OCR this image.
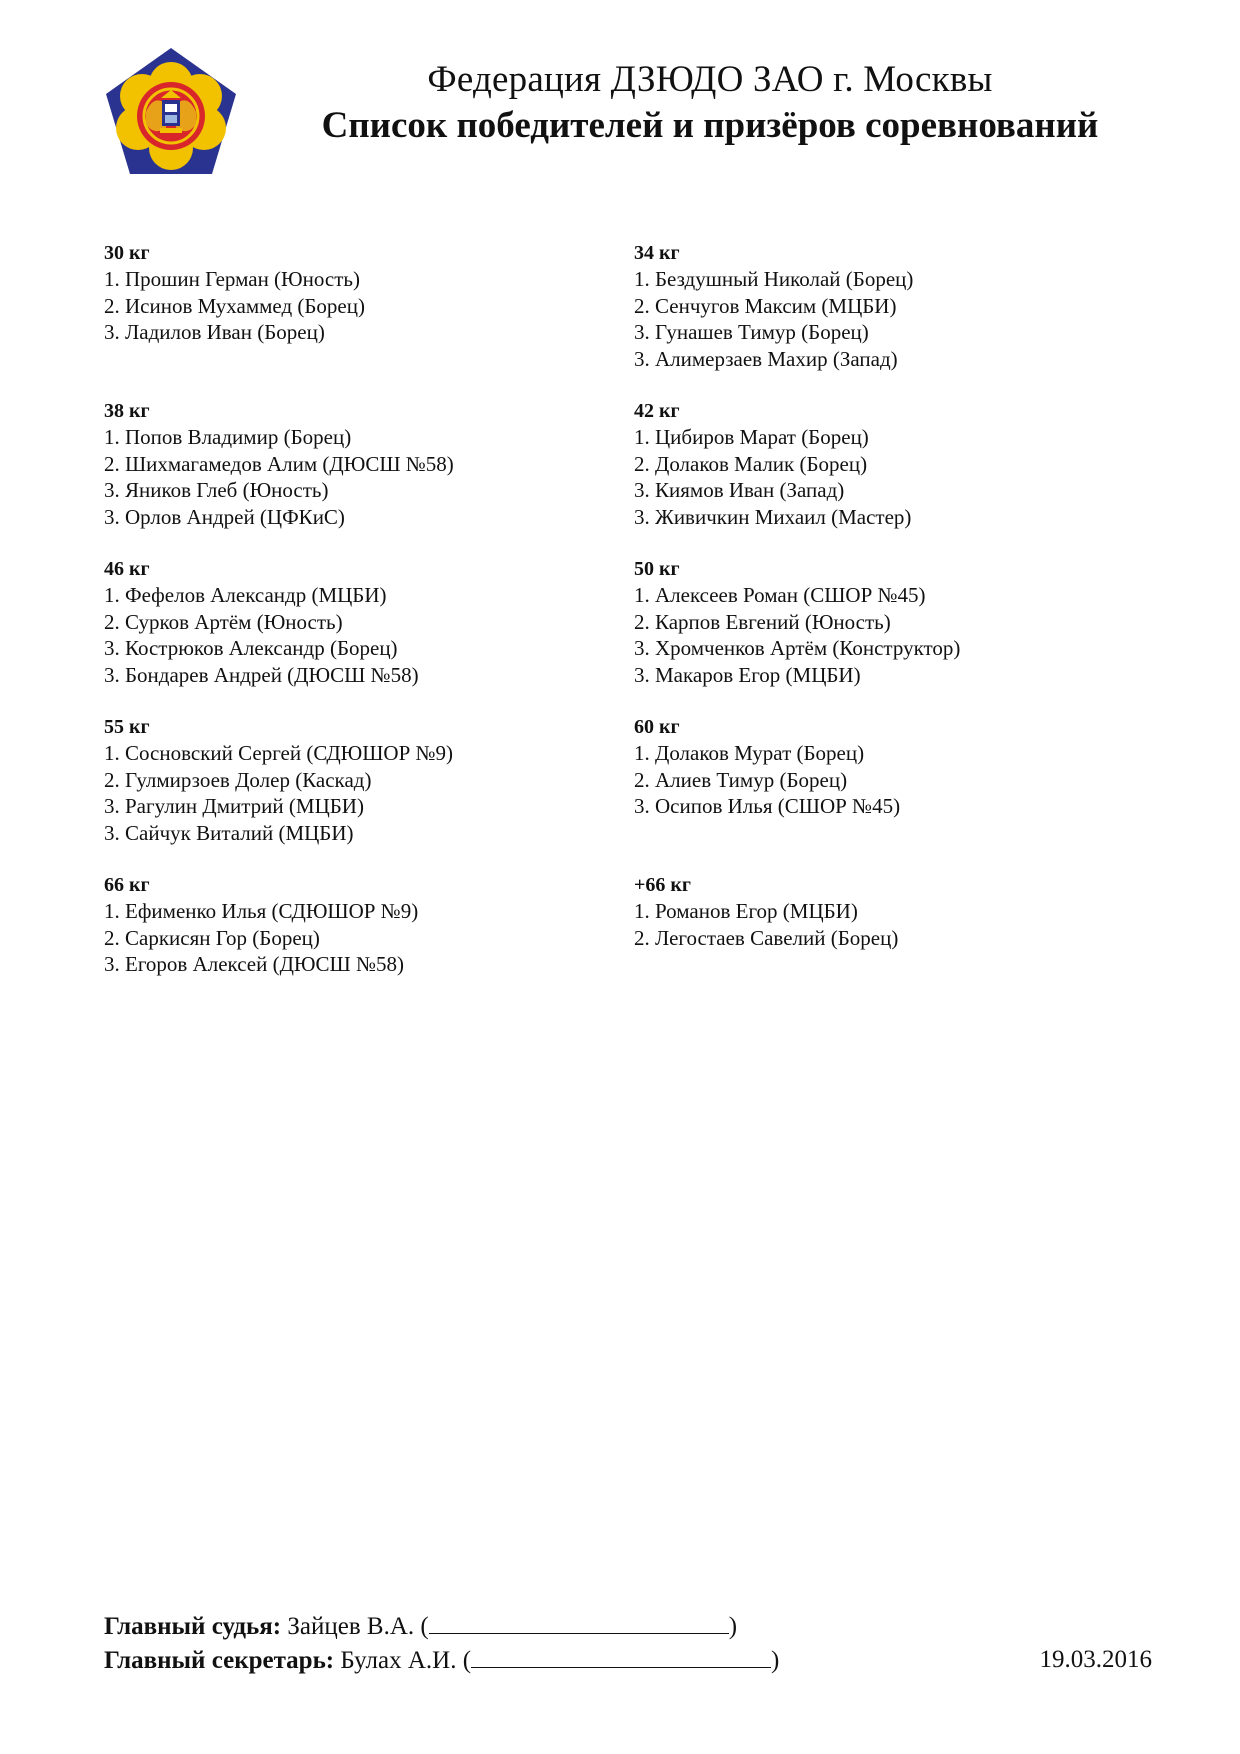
Федерация ДЗЮДО ЗАО г. Москвы
Список победителей и призёров соревнований
30 кг
1. Прошин Герман (Юность)
2. Исинов Мухаммед (Борец)
3. Ладилов Иван (Борец)
34 кг
1. Бездушный Николай (Борец)
2. Сенчугов Максим (МЦБИ)
3. Гунашев Тимур (Борец)
3. Алимерзаев Махир (Запад)
38 кг
1. Попов Владимир (Борец)
2. Шихмагамедов Алим (ДЮСШ №58)
3. Яников Глеб (Юность)
3. Орлов Андрей (ЦФКиС)
42 кг
1. Цибиров Марат (Борец)
2. Долаков Малик (Борец)
3. Киямов Иван (Запад)
3. Живичкин Михаил (Мастер)
46 кг
1. Фефелов Александр (МЦБИ)
2. Сурков Артём (Юность)
3. Кострюков Александр (Борец)
3. Бондарев Андрей (ДЮСШ №58)
50 кг
1. Алексеев Роман (СШОР №45)
2. Карпов Евгений (Юность)
3. Хромченков Артём (Конструктор)
3. Макаров Егор (МЦБИ)
55 кг
1. Сосновский Сергей (СДЮШОР №9)
2. Гулмирзоев Долер (Каскад)
3. Рагулин Дмитрий (МЦБИ)
3. Сайчук Виталий (МЦБИ)
60 кг
1. Долаков Мурат (Борец)
2. Алиев Тимур (Борец)
3. Осипов Илья (СШОР №45)
66 кг
1. Ефименко Илья (СДЮШОР №9)
2. Саркисян Гор (Борец)
3. Егоров Алексей (ДЮСШ №58)
+66 кг
1. Романов Егор (МЦБИ)
2. Легостаев Савелий (Борец)
Главный судья: Зайцев В.А. (	)
Главный секретарь: Булах А.И. (	)	19.03.2016
